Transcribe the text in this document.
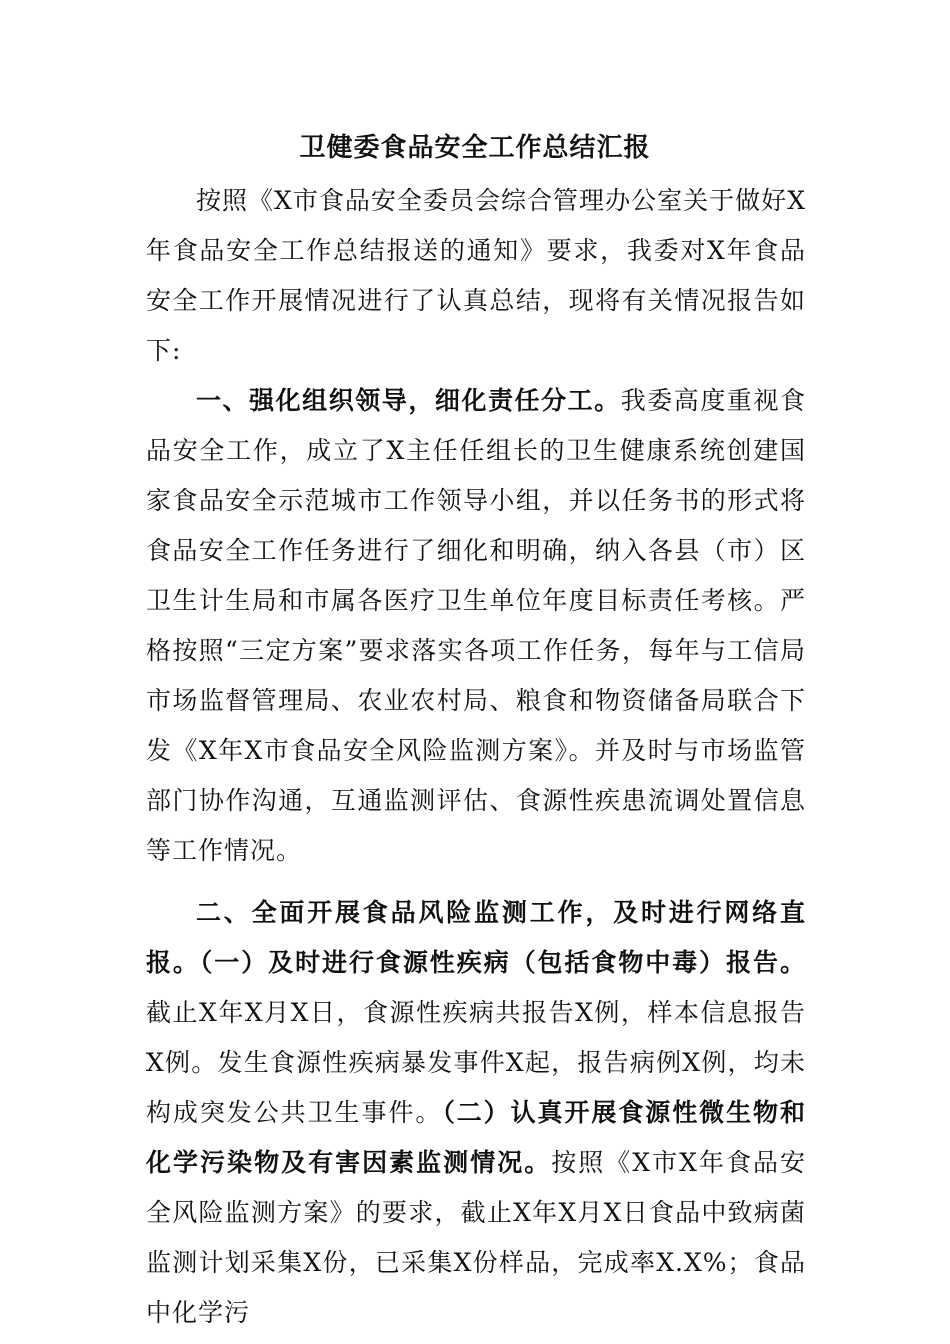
卫健委食品安全工作总结汇报

按照《X市食品安全委员会综合管理办公室关于做好X年食品安全工作总结报送的通知》要求，我委对X年食品安全工作开展情况进行了认真总结，现将有关情况报告如下:

一、强化组织领导，细化责任分工。我委高度重视食品安全工作，成立了X主任任组长的卫生健康系统创建国家食品安全示范城市工作领导小组，并以任务书的形式将食品安全工作任务进行了细化和明确，纳入各县（市）区卫生计生局和市属各医疗卫生单位年度目标责任考核。严格按照“三定方案”要求落实各项工作任务，每年与工信局市场监督管理局、农业农村局、粮食和物资储备局联合下发《X年X市食品安全风险监测方案》。并及时与市场监管部门协作沟通，互通监测评估、食源性疾患流调处置信息等工作情况。

二、全面开展食品风险监测工作，及时进行网络直报。（一）及时进行食源性疾病（包括食物中毒）报告。截止X年X月X日，食源性疾病共报告X例，样本信息报告X例。发生食源性疾病暴发事件X起，报告病例X例，均未构成突发公共卫生事件。（二）认真开展食源性微生物和化学污染物及有害因素监测情况。按照《X市X年食品安全风险监测方案》的要求，截止X年X月X日食品中致病菌监测计划采集X份，已采集X份样品，完成率X.X%；食品中化学污
